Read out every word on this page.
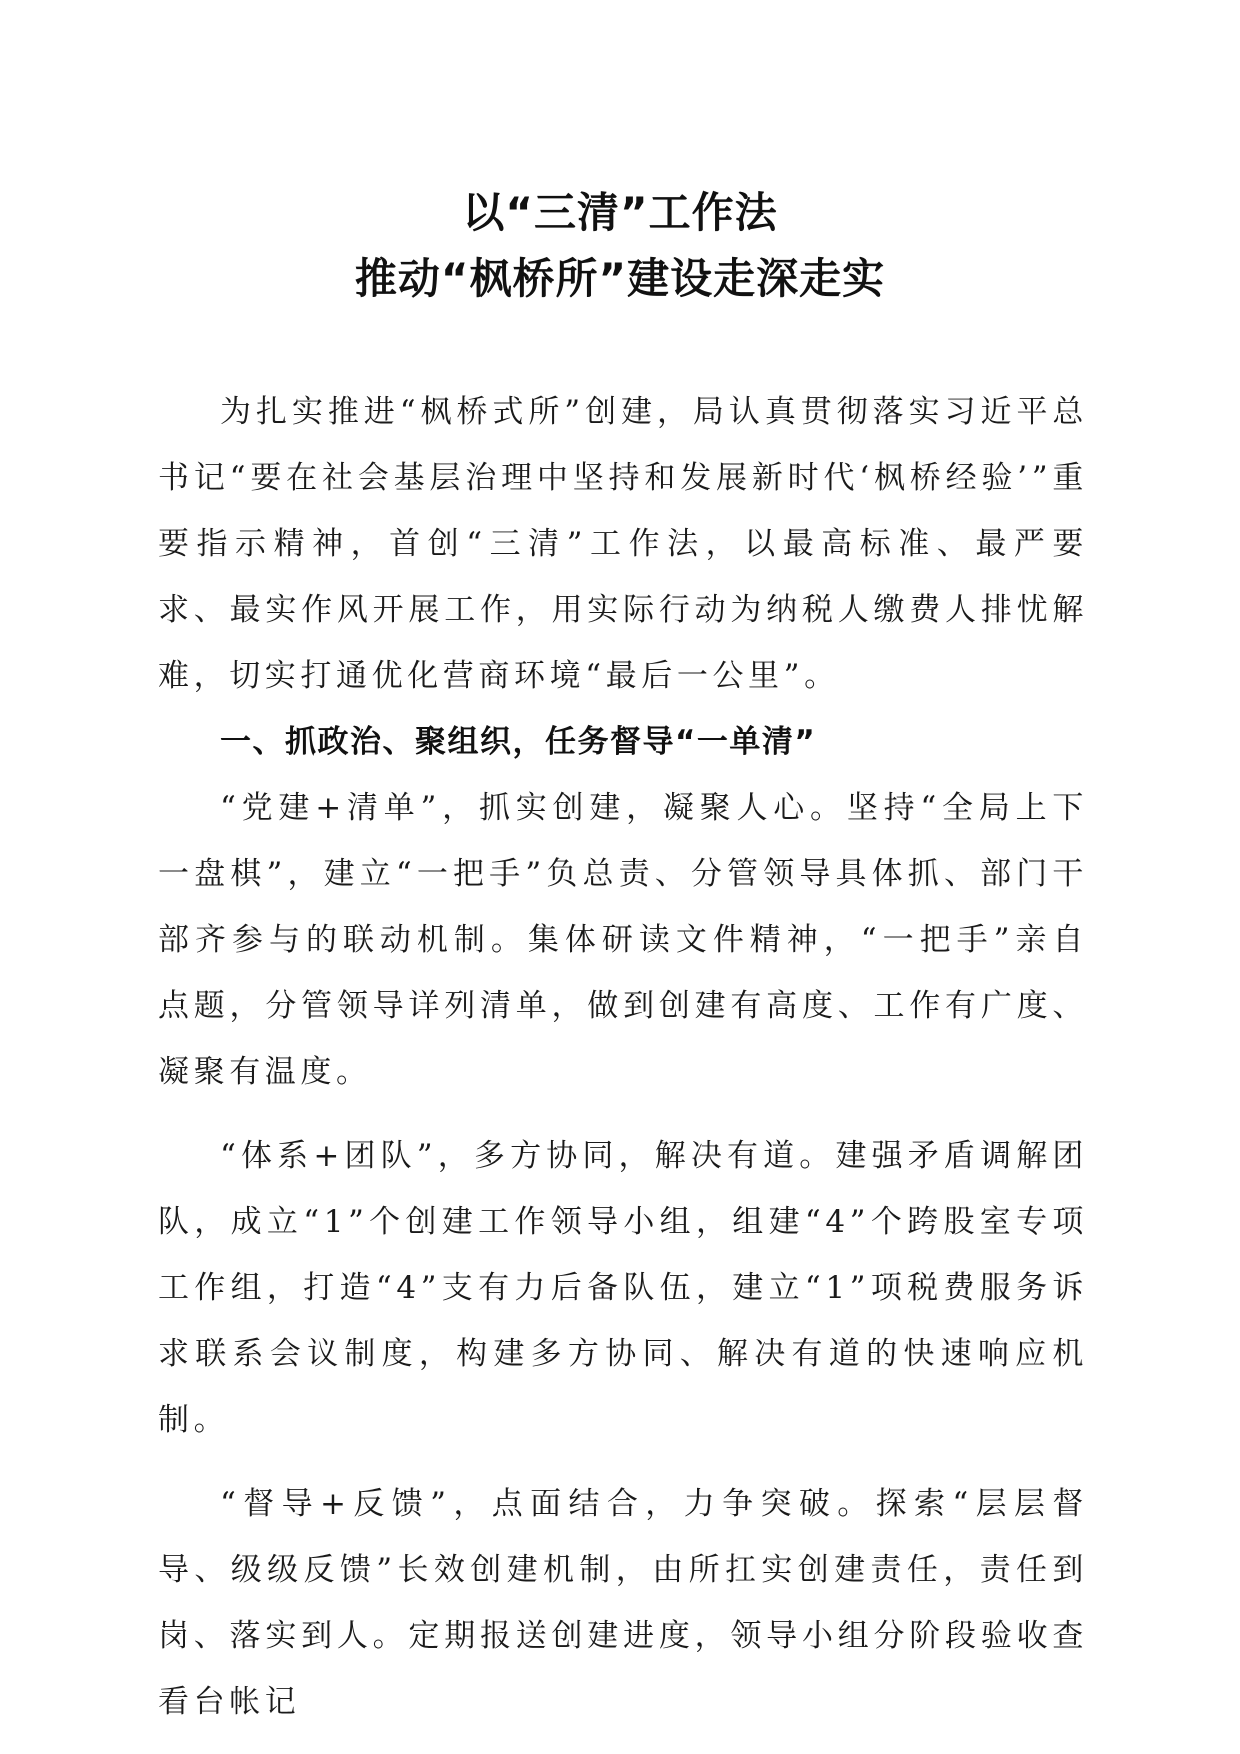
以“三清”工作法
推动“枫桥所”建设走深走实

为扎实推进“枫桥式所”创建，局认真贯彻落实习近平总书记“要在社会基层治理中坚持和发展新时代‘枫桥经验’”重要指示精神，首创“三清”工作法，以最高标准、最严要求、最实作风开展工作，用实际行动为纳税人缴费人排忧解难，切实打通优化营商环境“最后一公里”。

一、抓政治、聚组织，任务督导“一单清”

“党建+清单”，抓实创建，凝聚人心。坚持“全局上下一盘棋”，建立“一把手”负总责、分管领导具体抓、部门干部齐参与的联动机制。集体研读文件精神，“一把手”亲自点题，分管领导详列清单，做到创建有高度、工作有广度、凝聚有温度。

“体系+团队”，多方协同，解决有道。建强矛盾调解团队，成立“1”个创建工作领导小组，组建“4”个跨股室专项工作组，打造“4”支有力后备队伍，建立“1”项税费服务诉求联系会议制度，构建多方协同、解决有道的快速响应机制。

“督导+反馈”，点面结合，力争突破。探索“层层督导、级级反馈”长效创建机制，由所扛实创建责任，责任到岗、落实到人。定期报送创建进度，领导小组分阶段验收查看台帐记
